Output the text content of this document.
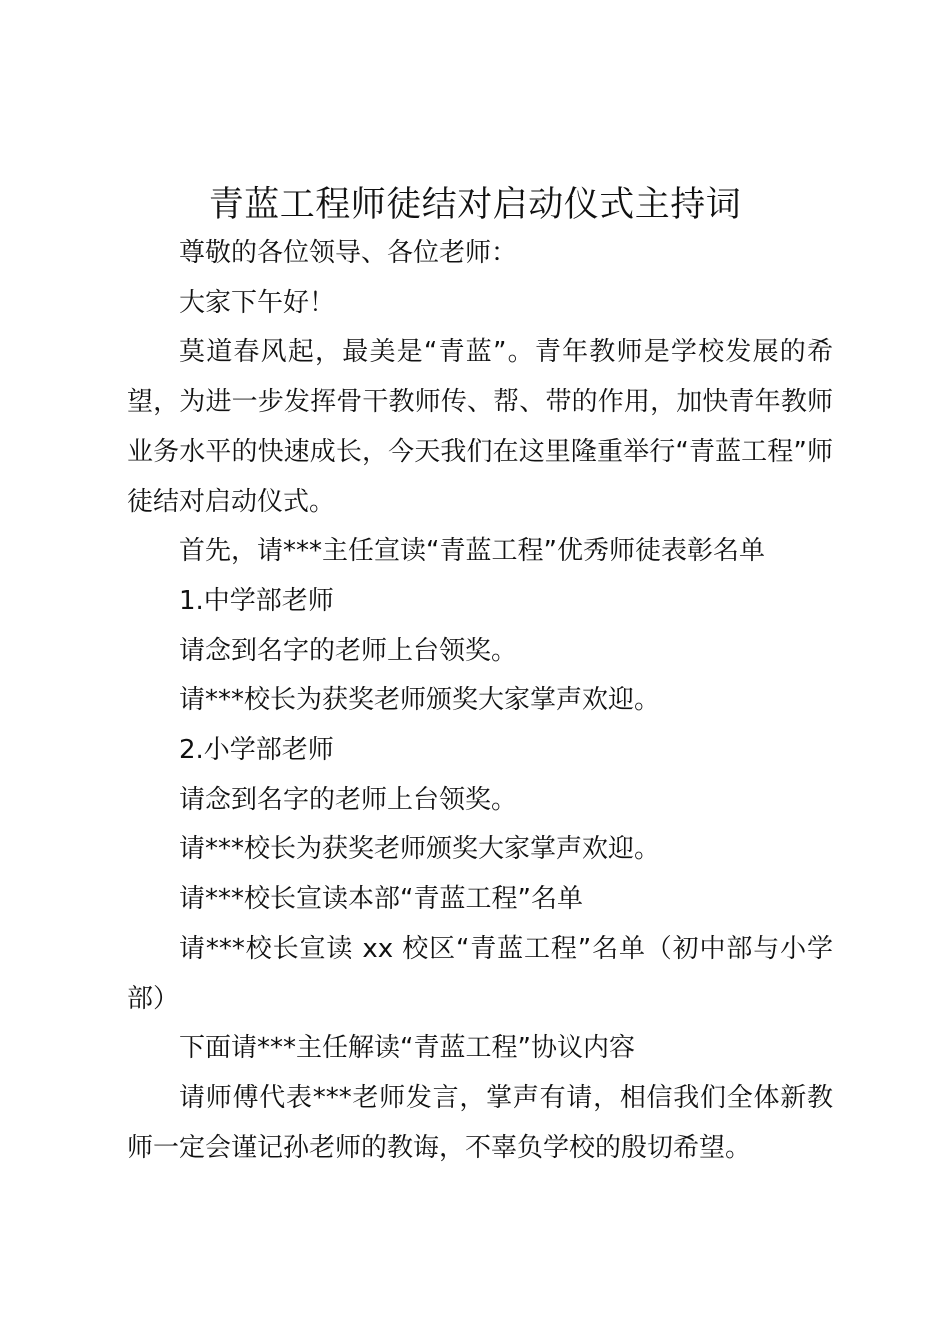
青蓝工程师徒结对启动仪式主持词

尊敬的各位领导、各位老师：

大家下午好！

莫道春风起，最美是“青蓝”。青年教师是学校发展的希望，为进一步发挥骨干教师传、帮、带的作用，加快青年教师业务水平的快速成长，今天我们在这里隆重举行“青蓝工程”师徒结对启动仪式。

首先，请***主任宣读“青蓝工程”优秀师徒表彰名单

1.中学部老师

请念到名字的老师上台领奖。

请***校长为获奖老师颁奖大家掌声欢迎。

2.小学部老师

请念到名字的老师上台领奖。

请***校长为获奖老师颁奖大家掌声欢迎。

请***校长宣读本部“青蓝工程”名单

请***校长宣读 xx 校区“青蓝工程”名单（初中部与小学部）

下面请***主任解读“青蓝工程”协议内容

请师傅代表***老师发言，掌声有请，相信我们全体新教师一定会谨记孙老师的教诲，不辜负学校的殷切希望。
